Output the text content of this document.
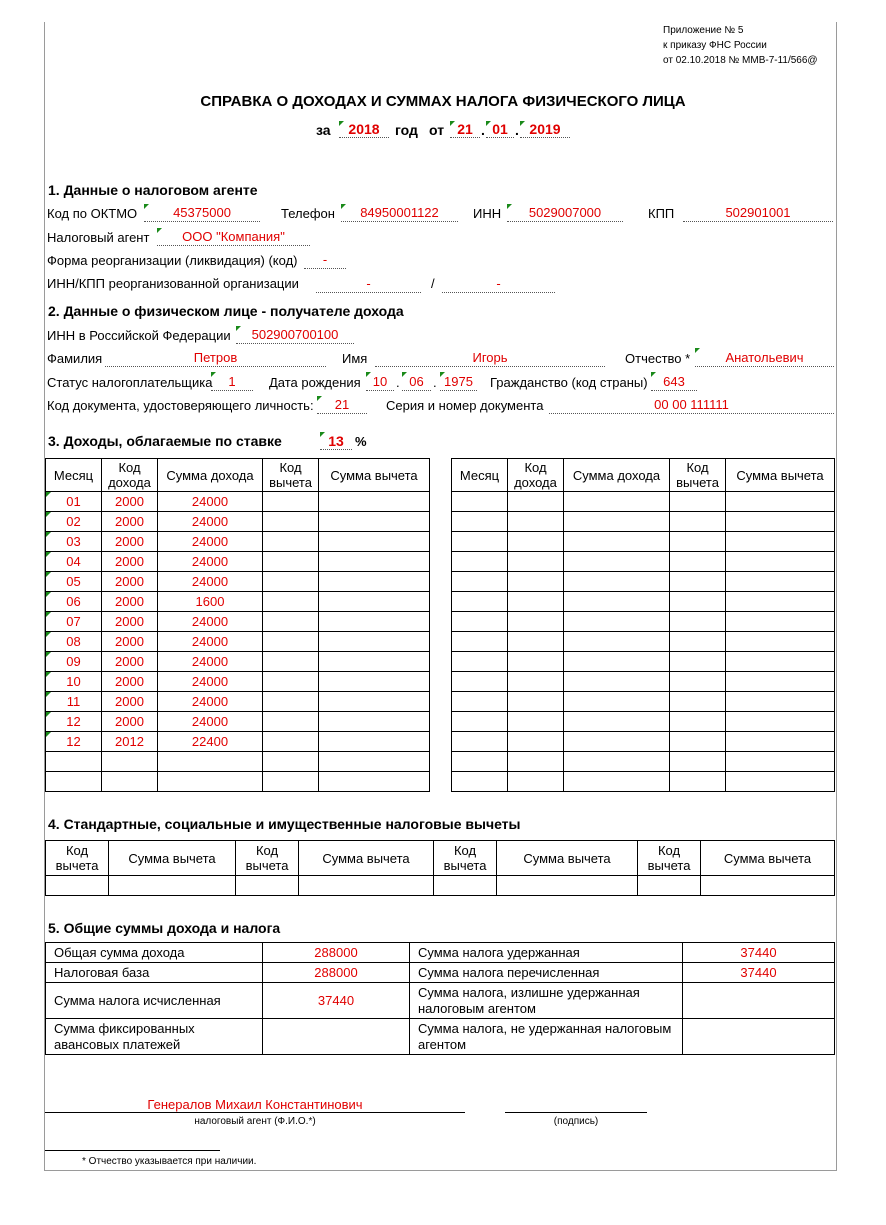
Приложение № 5
к приказу ФНС России
от 02.10.2018 № ММВ-7-11/566@
СПРАВКА О ДОХОДАХ И СУММАХ НАЛОГА ФИЗИЧЕСКОГО ЛИЦА
за	2018	год от 21 . 01 . 2019
1. Данные о налоговом агенте
Код по ОКТМО	45375000	Телефон	84950001122	ИНН	5029007000	КПП	502901001
Налоговый агент	ООО "Компания"
Форма реорганизации (ликвидация) (код)	-
ИНН/КПП реорганизованной организации	-	/	-
2. Данные о физическом лице - получателе дохода
ИНН в Российской Федерации	502900700100
Фамилия	Петров	Имя	Игорь	Отчество *	Анатольевич
Статус налогоплательщика	1	Дата рождения 10 . 06 . 1975	Гражданство (код страны)	643
Код документа, удостоверяющего личность:	21	Серия и номер документа	00 00 111111
3. Доходы, облагаемые по ставке	13 %
Месяц	Код дохода	Сумма дохода	Код вычета	Сумма вычета
01	2000	24000		
02	2000	24000		
03	2000	24000		
04	2000	24000		
05	2000	24000		
06	2000	1600		
07	2000	24000		
08	2000	24000		
09	2000	24000		
10	2000	24000		
11	2000	24000		
12	2000	24000		
12	2012	22400		

Месяц	Код дохода	Сумма дохода	Код вычета	Сумма вычета

4. Стандартные, социальные и имущественные налоговые вычеты
Код вычета	Сумма вычета	Код вычета	Сумма вычета	Код вычета	Сумма вычета	Код вычета	Сумма вычета

5. Общие суммы дохода и налога
Общая сумма дохода	288000	Сумма налога удержанная	37440
Налоговая база	288000	Сумма налога перечисленная	37440
Сумма налога исчисленная	37440	Сумма налога, излишне удержанная налоговым агентом	
Сумма фиксированных авансовых платежей		Сумма налога, не удержанная налоговым агентом	
Генералов Михаил Константинович
налоговый агент (Ф.И.О.*)	(подпись)
* Отчество указывается при наличии.
